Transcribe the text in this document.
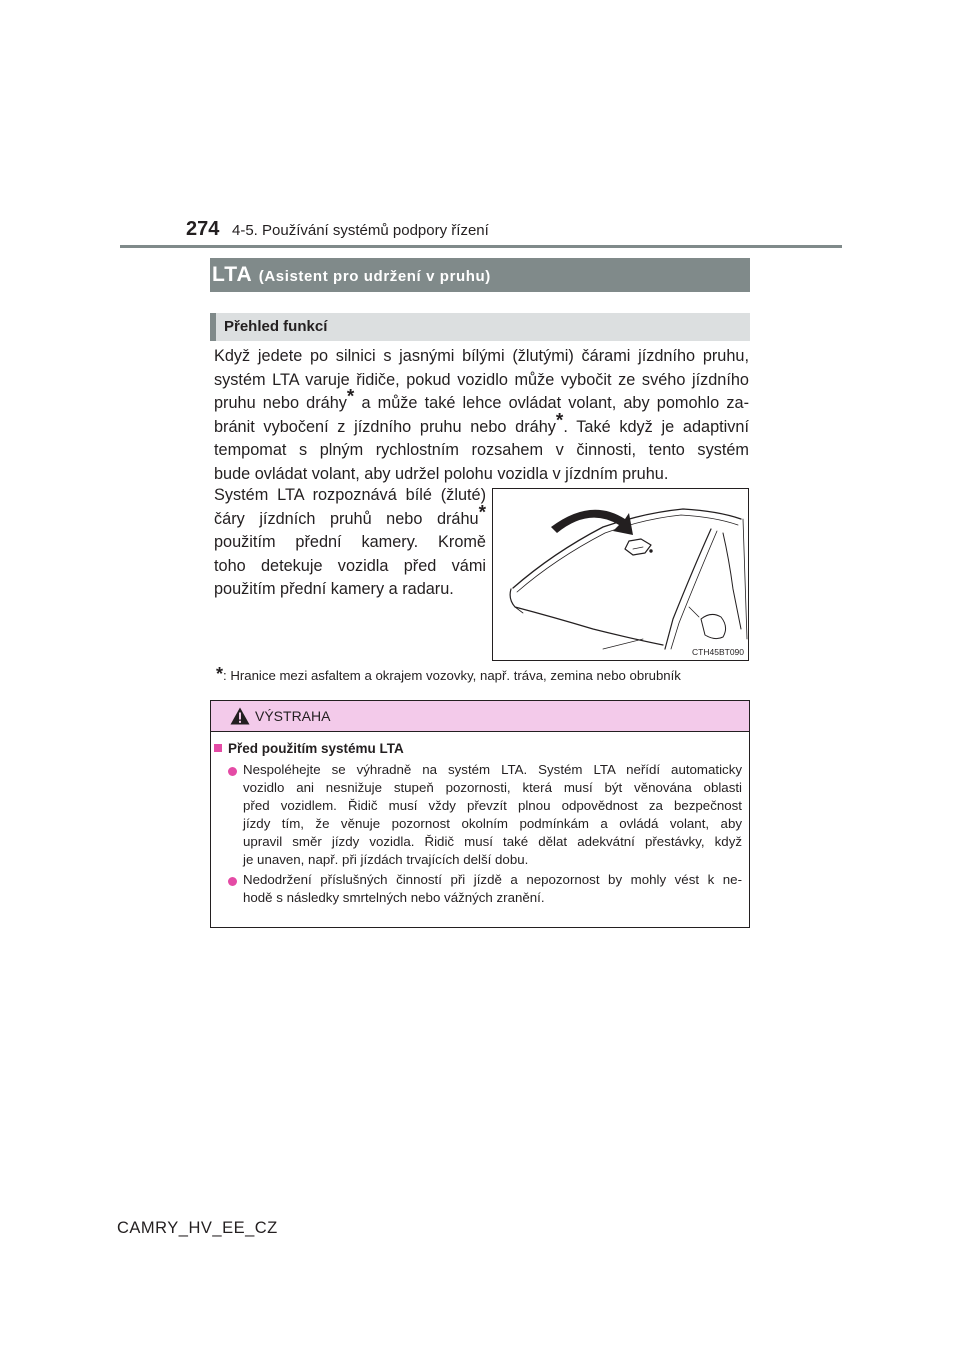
274 4-5. Používání systémů podpory řízení
LTA (Asistent pro udržení v pruhu)
Přehled funkcí
Když jedete po silnici s jasnými bílými (žlutými) čárami jízdního pruhu,
systém LTA varuje řidiče, pokud vozidlo může vybočit ze svého jízdního
pruhu nebo dráhy* a může také lehce ovládat volant, aby pomohlo za-
bránit vybočení z jízdního pruhu nebo dráhy*. Také když je adaptivní
tempomat s plným rychlostním rozsahem v činnosti, tento systém
bude ovládat volant, aby udržel polohu vozidla v jízdním pruhu.
Systém LTA rozpoznává bílé (žluté)
čáry jízdních pruhů nebo dráhu*
použitím přední kamery. Kromě
toho detekuje vozidla před vámi
použitím přední kamery a radaru.
CTH45BT090
*: Hranice mezi asfaltem a okrajem vozovky, např. tráva, zemina nebo obrubník
VÝSTRAHA
Před použitím systému LTA
Nespoléhejte se výhradně na systém LTA. Systém LTA neřídí automaticky
vozidlo ani nesnižuje stupeň pozornosti, která musí být věnována oblasti
před vozidlem. Řidič musí vždy převzít plnou odpovědnost za bezpečnost
jízdy tím, že věnuje pozornost okolním podmínkám a ovládá volant, aby
upravil směr jízdy vozidla. Řidič musí také dělat adekvátní přestávky, když
je unaven, např. při jízdách trvajících delší dobu.
Nedodržení příslušných činností při jízdě a nepozornost by mohly vést k ne-
hodě s následky smrtelných nebo vážných zranění.
CAMRY_HV_EE_CZ
